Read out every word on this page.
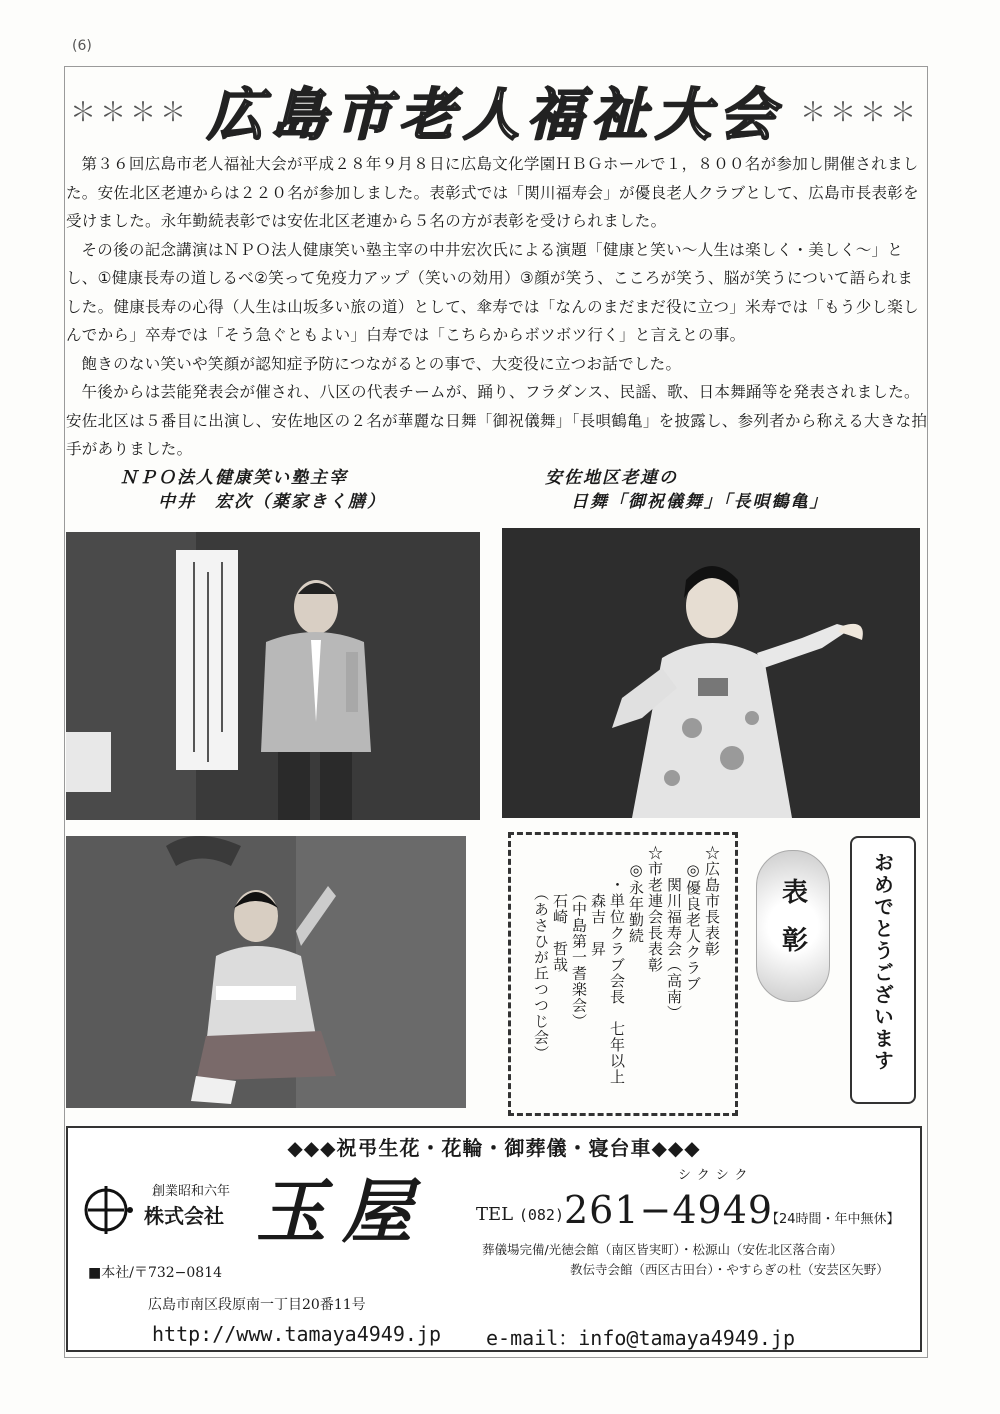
(6)
＊＊＊＊ 広島市老人福祉大会 ＊＊＊＊

第３６回広島市老人福祉大会が平成２８年９月８日に広島文化学園ＨＢＧホールで１，８００名が参加し開催されました。安佐北区老連からは２２０名が参加しました。表彰式では「関川福寿会」が優良老人クラブとして、広島市長表彰を受けました。永年勤続表彰では安佐北区老連から５名の方が表彰を受けられました。

その後の記念講演はＮＰＯ法人健康笑い塾主宰の中井宏次氏による演題「健康と笑い～人生は楽しく・美しく～」とし、①健康長寿の道しるべ②笑って免疫力アップ（笑いの効用）③顔が笑う、こころが笑う、脳が笑うについて語られました。健康長寿の心得（人生は山坂多い旅の道）として、傘寿では「なんのまだまだ役に立つ」米寿では「もう少し楽しんでから」卒寿では「そう急ぐともよい」白寿では「こちらからボツボツ行く」と言えとの事。

飽きのない笑いや笑顔が認知症予防につながるとの事で、大変役に立つお話でした。

午後からは芸能発表会が催され、八区の代表チームが、踊り、フラダンス、民謡、歌、日本舞踊等を発表されました。安佐北区は５番目に出演し、安佐地区の２名が華麗な日舞「御祝儀舞」「長唄鶴亀」を披露し、参列者から称える大きな拍手がありました。

ＮＰＯ法人健康笑い塾主宰
中井　宏次（薬家きく膳）
安佐地区老連の
日舞「御祝儀舞」「長唄鶴亀」
☆広島市長表彰
　◎優良老人クラブ
　　関川福寿会（高南）
☆市老連会長表彰
　◎永年勤続
　　・単位クラブ会長　七年以上
　　　森吉　昇
　　　（中島第一耆楽会）
　　　石崎　哲哉
　　　（あさひが丘つつじ会）	表彰	おめでとうございます
◆◆◆祝弔生花・花輪・御葬儀・寝台車◆◆◆
創業昭和六年
株式会社 玉屋	シクシク
TEL (082) 261−4949
【24時間・年中無休】
葬儀場完備/光徳会館（南区皆実町）・松源山（安佐北区落合南）
教伝寺会館（西区古田台）・やすらぎの杜（安芸区矢野）
■本社/〒732−0814
広島市南区段原南一丁目20番11号
http://www.tamaya4949.jp e-mail：info@tamaya4949.jp
